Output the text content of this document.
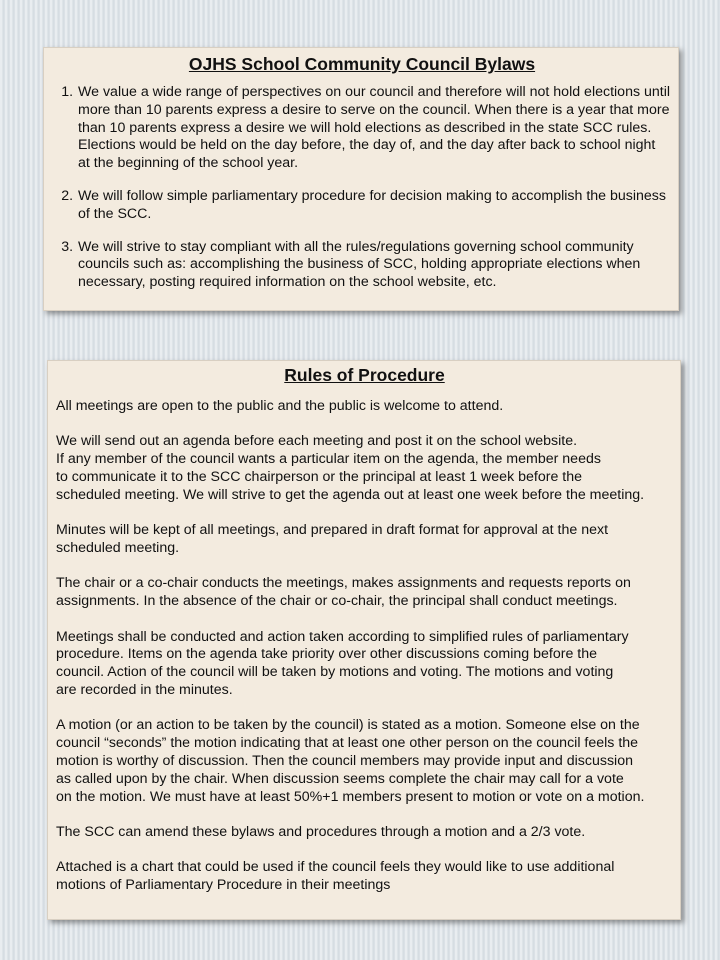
OJHS School Community Council Bylaws
1. We value a wide range of perspectives on our council and therefore will not hold elections until more than 10 parents express a desire to serve on the council. When there is a year that more than 10 parents express a desire we will hold elections as described in the state SCC rules. Elections would be held on the day before, the day of, and the day after back to school night at the beginning of the school year.
2. We will follow simple parliamentary procedure for decision making to accomplish the business of the SCC.
3. We will strive to stay compliant with all the rules/regulations governing school community councils such as: accomplishing the business of SCC, holding appropriate elections when necessary, posting required information on the school website, etc.
Rules of Procedure

All meetings are open to the public and the public is welcome to attend.

We will send out an agenda before each meeting and post it on the school website.
If any member of the council wants a particular item on the agenda, the member needs
to communicate it to the SCC chairperson or the principal at least 1 week before the
scheduled meeting. We will strive to get the agenda out at least one week before the meeting.

Minutes will be kept of all meetings, and prepared in draft format for approval at the next
scheduled meeting.

The chair or a co-chair conducts the meetings, makes assignments and requests reports on
assignments. In the absence of the chair or co-chair, the principal shall conduct meetings.

Meetings shall be conducted and action taken according to simplified rules of parliamentary
procedure. Items on the agenda take priority over other discussions coming before the
council. Action of the council will be taken by motions and voting. The motions and voting
are recorded in the minutes.

A motion (or an action to be taken by the council) is stated as a motion. Someone else on the
council “seconds” the motion indicating that at least one other person on the council feels the
motion is worthy of discussion. Then the council members may provide input and discussion
as called upon by the chair. When discussion seems complete the chair may call for a vote
on the motion. We must have at least 50%+1 members present to motion or vote on a motion.

The SCC can amend these bylaws and procedures through a motion and a 2/3 vote.

Attached is a chart that could be used if the council feels they would like to use additional
motions of Parliamentary Procedure in their meetings
